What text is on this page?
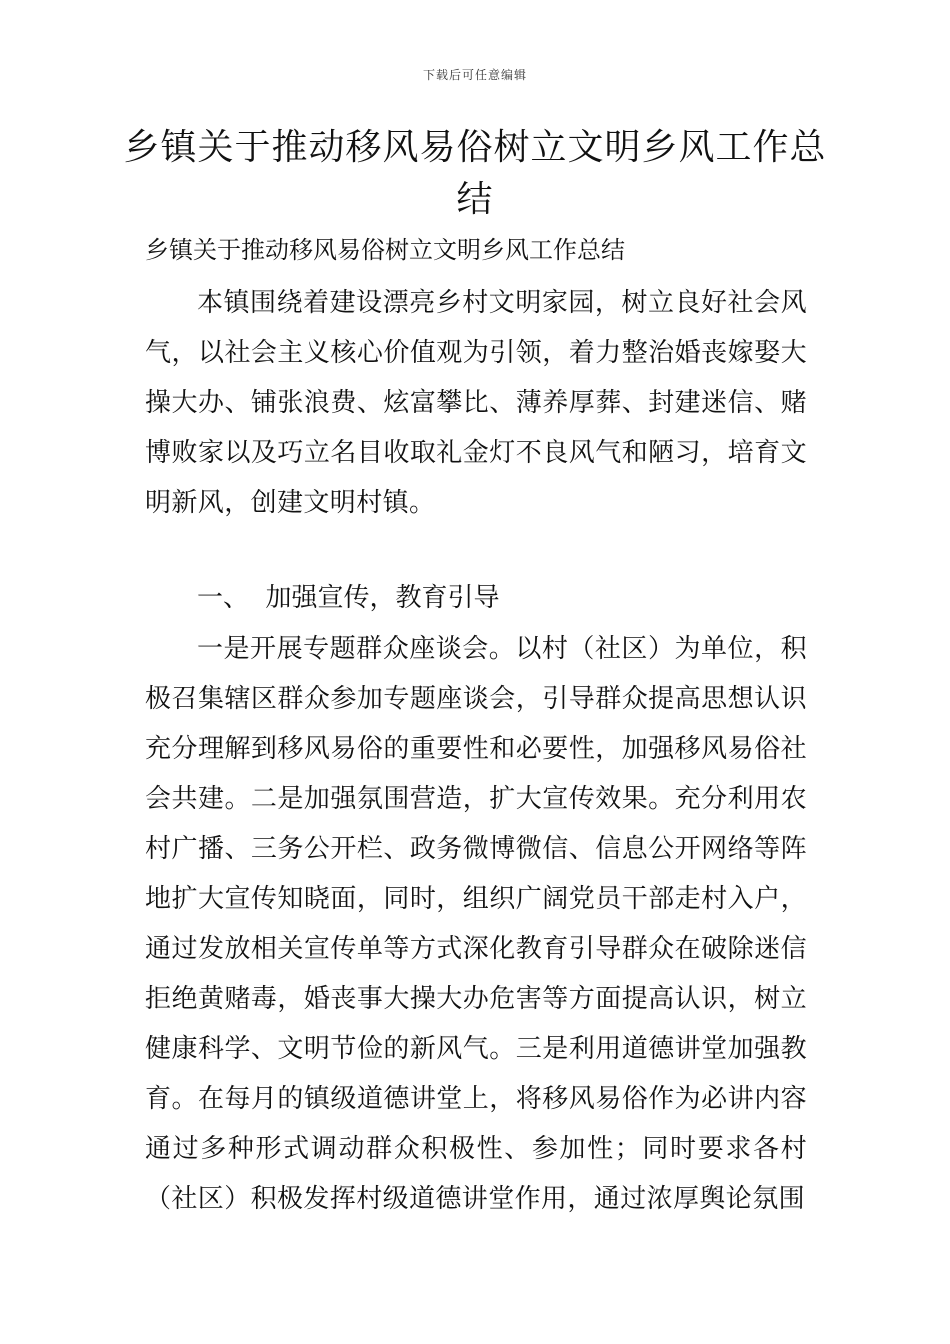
下载后可任意编辑
乡镇关于推动移风易俗树立文明乡风工作总结

乡镇关于推动移风易俗树立文明乡风工作总结

本镇围绕着建设漂亮乡村文明家园，树立良好社会风气，以社会主义核心价值观为引领，着力整治婚丧嫁娶大操大办、铺张浪费、炫富攀比、薄养厚葬、封建迷信、赌博败家以及巧立名目收取礼金灯不良风气和陋习，培育文明新风，创建文明村镇。

一、  加强宣传，教育引导

一是开展专题群众座谈会。以村（社区）为单位，积极召集辖区群众参加专题座谈会，引导群众提高思想认识充分理解到移风易俗的重要性和必要性，加强移风易俗社会共建。二是加强氛围营造，扩大宣传效果。充分利用农村广播、三务公开栏、政务微博微信、信息公开网络等阵地扩大宣传知晓面，同时，组织广阔党员干部走村入户，通过发放相关宣传单等方式深化教育引导群众在破除迷信拒绝黄赌毒，婚丧事大操大办危害等方面提高认识，树立健康科学、文明节俭的新风气。三是利用道德讲堂加强教育。在每月的镇级道德讲堂上，将移风易俗作为必讲内容通过多种形式调动群众积极性、参加性；同时要求各村（社区）积极发挥村级道德讲堂作用，通过浓厚舆论氛围
